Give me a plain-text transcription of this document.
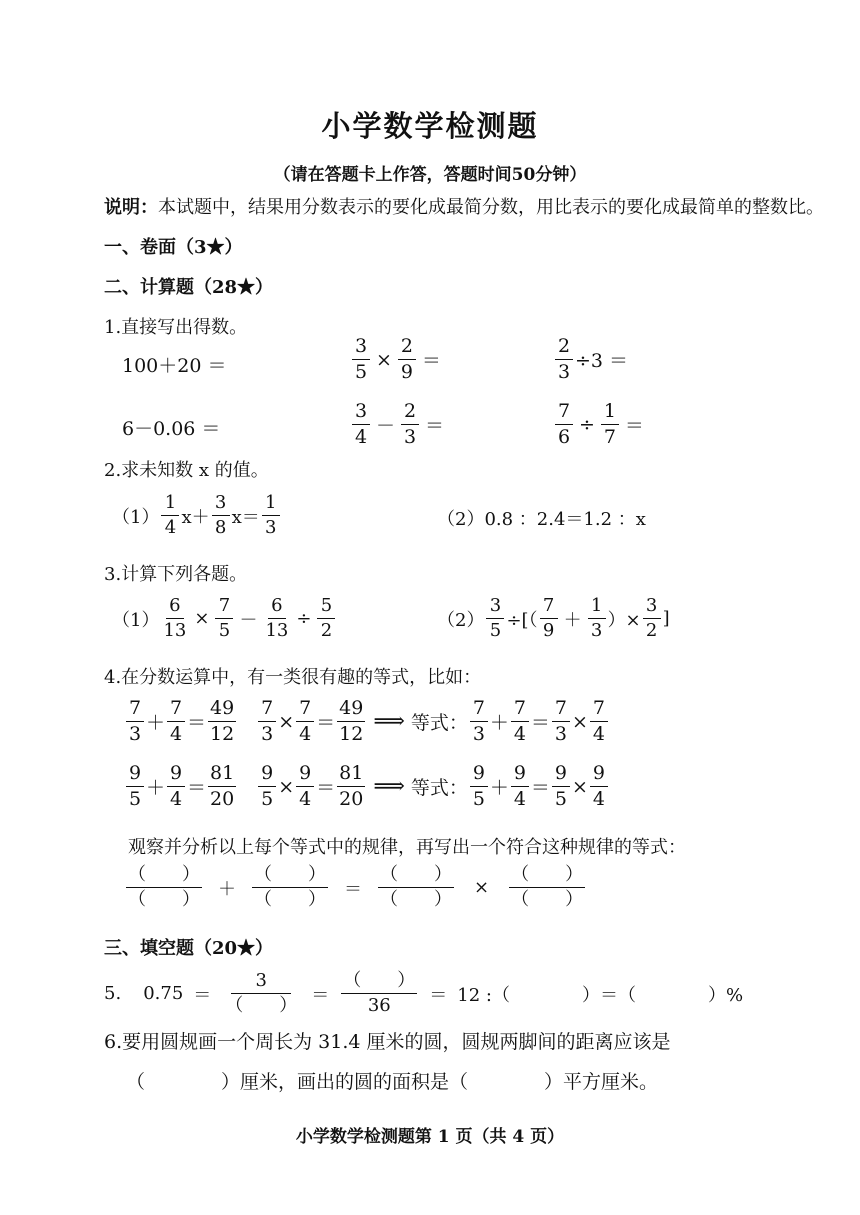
小学数学检测题
（请在答题卡上作答，答题时间50分钟）
说明：本试题中，结果用分数表示的要化成最简分数，用比表示的要化成最简单的整数比。
一、卷面（3★）
二、计算题（28★）
1.直接写出得数。
100＋20 ＝	$\frac{3}{5} \times \frac{2}{9}$ ＝	$\frac{2}{3} \div 3$ ＝
6－0.06 ＝	$\frac{3}{4} - \frac{2}{3}$ ＝	$\frac{7}{6} \div \frac{1}{7}$ ＝
2.求未知数 x 的值。
$(1) \frac{1}{4} x+ \frac{3}{8} x= \frac{1}{3}$	（2）0.8 ：2.4＝1.2 ：x
3.计算下列各题。
$(1) \frac{6}{13} \times \frac{7}{5} - \frac{6}{13} \div \frac{5}{2}$	$(2) \frac{3}{5}$ ÷[（ $\frac{7}{9} + \frac{1}{3}$ ）× $\frac{3}{2}$ ]
4.在分数运算中，有一类很有趣的等式，比如：
$\frac{7}{3} + \frac{7}{4} = \frac{49}{12} \frac{7}{3} \times \frac{7}{4} = \frac{49}{12}$ ⟹ 等式： $\frac{7}{3} + \frac{7}{4} = \frac{7}{3} \times \frac{7}{4}$
$\frac{9}{5} + \frac{9}{4} = \frac{81}{20} \frac{9}{5} \times \frac{9}{4} = \frac{81}{20}$ ⟹ 等式： $\frac{9}{5} + \frac{9}{4} = \frac{9}{5} \times \frac{9}{4}$
观察并分析以上每个等式中的规律，再写出一个符合这种规律的等式：
$\frac{( )}{( )} + \frac{( )}{( )} = \frac{( )}{( )} \times \frac{( )}{( )}$
三、填空题（20★）
5. $0.75 = \frac{3}{( )} = \frac{( )}{36} = 12$ :（　　　　）＝（　　　　）%
6.要用圆规画一个周长为 31.4 厘米的圆，圆规两脚间的距离应该是
（　　　　）厘米，画出的圆的面积是（　　　　）平方厘米。
小学数学检测题第 1 页（共 4 页）
